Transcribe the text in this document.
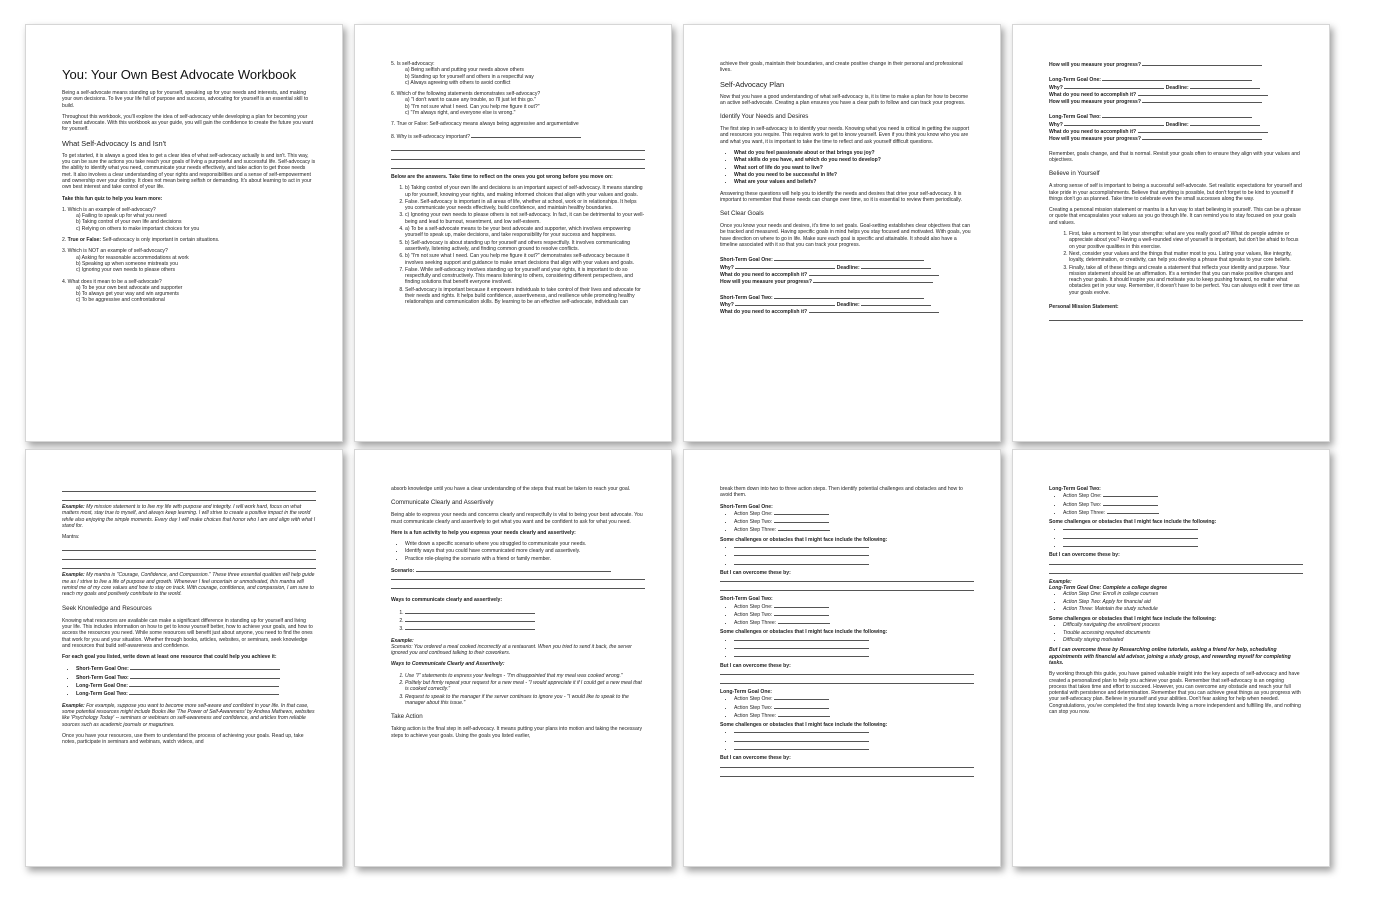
You: Your Own Best Advocate Workbook

Being a self-advocate means standing up for yourself, speaking up for your needs and interests, and making your own decisions. To live your life full of purpose and success, advocating for yourself is an essential skill to build.

Throughout this workbook, you'll explore the idea of self-advocacy while developing a plan for becoming your own best advocate. With this workbook as your guide, you will gain the confidence to create the future you want for yourself.

What Self-Advocacy Is and Isn't

To get started, it is always a good idea to get a clear idea of what self-advocacy actually is and isn't. This way, you can be sure the actions you take reach your goals of living a purposeful and successful life. Self-advocacy is the ability to identify what you need, communicate your needs effectively, and take action to get those needs met. It also involves a clear understanding of your rights and responsibilities and a sense of self-empowerment and ownership over your destiny. It does not mean being selfish or demanding. It's about learning to act in your own best interest and take control of your life.

Take this fun quiz to help you learn more:

1. Which is an example of self-advocacy?
a) Failing to speak up for what you need
b) Taking control of your own life and decisions
c) Relying on others to make important choices for you
2. True or False: Self-advocacy is only important in certain situations.
3. Which is NOT an example of self-advocacy?
a) Asking for reasonable accommodations at work
b) Speaking up when someone mistreats you
c) Ignoring your own needs to please others
4. What does it mean to be a self-advocate?
a) To be your own best advocate and supporter
b) To always get your way and win arguments
c) To be aggressive and confrontational
5. Is self-advocacy:
a) Being selfish and putting your needs above others
b) Standing up for yourself and others in a respectful way
c) Always agreeing with others to avoid conflict
6. Which of the following statements demonstrates self-advocacy?
a) "I don't want to cause any trouble, so I'll just let this go."
b) "I'm not sure what I need. Can you help me figure it out?"
c) "I'm always right, and everyone else is wrong."
7. True or False: Self-advocacy means always being aggressive and argumentative
8. Why is self-advocacy important?

Below are the answers. Take time to reflect on the ones you got wrong before you move on:

1. b) Taking control of your own life and decisions is an important aspect of self-advocacy. It means standing up for yourself, knowing your rights, and making informed choices that align with your values and goals.
2. False. Self-advocacy is important in all areas of life, whether at school, work or in relationships. It helps you communicate your needs effectively, build confidence, and maintain healthy boundaries.
3. c) Ignoring your own needs to please others is not self-advocacy. In fact, it can be detrimental to your well-being and lead to burnout, resentment, and low self-esteem.
4. a) To be a self-advocate means to be your best advocate and supporter, which involves empowering yourself to speak up, make decisions, and take responsibility for your success and happiness.
5. b) Self-advocacy is about standing up for yourself and others respectfully. It involves communicating assertively, listening actively, and finding common ground to resolve conflicts.
6. b) "I'm not sure what I need. Can you help me figure it out?" demonstrates self-advocacy because it involves seeking support and guidance to make smart decisions that align with your values and goals.
7. False. While self-advocacy involves standing up for yourself and your rights, it is important to do so respectfully and constructively. This means listening to others, considering different perspectives, and finding solutions that benefit everyone involved.
8. Self-advocacy is important because it empowers individuals to take control of their lives and advocate for their needs and rights. It helps build confidence, assertiveness, and resilience while promoting healthy relationships and communication skills. By learning to be an effective self-advocate, individuals can

achieve their goals, maintain their boundaries, and create positive change in their personal and professional lives.

Self-Advocacy Plan

Now that you have a good understanding of what self-advocacy is, it is time to make a plan for how to become an active self-advocate. Creating a plan ensures you have a clear path to follow and can track your progress.

Identify Your Needs and Desires

The first step in self-advocacy is to identify your needs. Knowing what you need is critical in getting the support and resources you require. This requires work to get to know yourself. Even if you think you know who you are and what you want, it is important to take the time to reflect and ask yourself difficult questions.

• What do you feel passionate about or that brings you joy?
• What skills do you have, and which do you need to develop?
• What sort of life do you want to live?
• What do you need to be successful in life?
• What are your values and beliefs?

Answering these questions will help you to identify the needs and desires that drive your self-advocacy. It is important to remember that these needs can change over time, so it is essential to review them periodically.

Set Clear Goals

Once you know your needs and desires, it's time to set goals. Goal-setting establishes clear objectives that can be tracked and measured. Having specific goals in mind helps you stay focused and motivated. With goals, you have direction on where to go in life. Make sure each goal is specific and attainable. It should also have a timeline associated with it so that you can track your progress.

Short-Term Goal One:
Why?	Deadline:
What do you need to accomplish it?
How will you measure your progress?
Short-Term Goal Two:
Why?	Deadline:
What do you need to accomplish it?
How will you measure your progress?
Long-Term Goal One:
Why?	Deadline:
What do you need to accomplish it?
How will you measure your progress?
Long-Term Goal Two:
Why?	Deadline:
What do you need to accomplish it?
How will you measure your progress?

Remember, goals change, and that is normal. Revisit your goals often to ensure they align with your values and objectives.

Believe in Yourself

A strong sense of self is important to being a successful self-advocate. Set realistic expectations for yourself and take pride in your accomplishments. Believe that anything is possible, but don't forget to be kind to yourself if things don't go as planned. Take time to celebrate even the small successes along the way.

Creating a personal mission statement or mantra is a fun way to start believing in yourself. This can be a phrase or quote that encapsulates your values as you go through life. It can remind you to stay focused on your goals and values.

1. First, take a moment to list your strengths: what are you really good at? What do people admire or appreciate about you? Having a well-rounded view of yourself is important, but don't be afraid to focus on your positive qualities in this exercise.
2. Next, consider your values and the things that matter most to you. Listing your values, like integrity, loyalty, determination, or creativity, can help you develop a phrase that speaks to your core beliefs.
3. Finally, take all of these things and create a statement that reflects your identity and purpose. Your mission statement should be an affirmation. It's a reminder that you can make positive changes and reach your goals. It should inspire you and motivate you to keep pushing forward, no matter what obstacles get in your way. Remember, it doesn't have to be perfect. You can always edit it over time as your goals evolve.

Personal Mission Statement:

Example: My mission statement is to live my life with purpose and integrity. I will work hard, focus on what matters most, stay true to myself, and always keep learning. I will strive to create a positive impact in the world while also enjoying the simple moments. Every day I will make choices that honor who I am and align with what I stand for.

Mantra:

Example: My mantra is "Courage, Confidence, and Compassion." These three essential qualities will help guide me as I strive to live a life of purpose and growth. Whenever I feel uncertain or unmotivated, this mantra will remind me of my core values and how to stay on track. With courage, confidence, and compassion, I am sure to reach my goals and positively contribute to the world.

Seek Knowledge and Resources

Knowing what resources are available can make a significant difference in standing up for yourself and living your life. This includes information on how to get to know yourself better, how to achieve your goals, and how to access the resources you need. While some resources will benefit just about anyone, you need to find the ones that work for you and your situation. Whether through books, articles, websites, or seminars, seek knowledge and resources that build self-awareness and confidence.

For each goal you listed, write down at least one resource that could help you achieve it:

• Short-Term Goal One:
• Short-Term Goal Two:
• Long-Term Goal One:
• Long-Term Goal Two:

Example: For example, suppose you want to become more self-aware and confident in your life. In that case, some potential resources might include Books like 'The Power of Self-Awareness' by Andrea Mathews, websites like 'Psychology Today' -- seminars or webinars on self-awareness and confidence, and articles from reliable sources such as academic journals or magazines.

Once you have your resources, use them to understand the process of achieving your goals. Read up, take notes, participate in seminars and webinars, watch videos, and

absorb knowledge until you have a clear understanding of the steps that must be taken to reach your goal.

Communicate Clearly and Assertively

Being able to express your needs and concerns clearly and respectfully is vital to being your best advocate. You must communicate clearly and assertively to get what you want and be confident to ask for what you need.

Here is a fun activity to help you express your needs clearly and assertively:

• Write down a specific scenario where you struggled to communicate your needs.
• Identify ways that you could have communicated more clearly and assertively.
• Practice role-playing the scenario with a friend or family member.
Scenario:

Ways to communicate clearly and assertively:

1.
2.
3.
Example:

Scenario: You ordered a meal cooked incorrectly at a restaurant. When you tried to send it back, the server ignored you and continued talking to their coworkers.

Ways to Communicate Clearly and Assertively:

1. Use "I" statements to express your feelings - "I'm disappointed that my meal was cooked wrong."
2. Politely but firmly repeat your request for a new meal - "I would appreciate it if I could get a new meal that is cooked correctly."
3. Request to speak to the manager if the server continues to ignore you - "I would like to speak to the manager about this issue."
Take Action

Taking action is the final step in self-advocacy. It means putting your plans into motion and taking the necessary steps to achieve your goals. Using the goals you listed earlier,

break them down into two to three action steps. Then identify potential challenges and obstacles and how to avoid them.

Short-Term Goal One:
• Action Step One:
• Action Step Two:
• Action Step Three:
Some challenges or obstacles that I might face include the following:
•
•
•
But I can overcome these by:
Short-Term Goal Two:
• Action Step One:
• Action Step Two:
• Action Step Three:
Some challenges or obstacles that I might face include the following:
•
•
•
But I can overcome these by:
Long-Term Goal One:
• Action Step One:
• Action Step Two:
• Action Step Three:
Some challenges or obstacles that I might face include the following:
•
•
•
But I can overcome these by:
Long-Term Goal Two:
• Action Step One:
• Action Step Two:
• Action Step Three:
Some challenges or obstacles that I might face include the following:
•
•
•
But I can overcome these by:
Example:
Long-Term Goal One: Complete a college degree
• Action Step One: Enroll in college courses
• Action Step Two: Apply for financial aid
• Action Three: Maintain the study schedule
Some challenges or obstacles that I might face include the following:
• Difficulty navigating the enrollment process
• Trouble accessing required documents
• Difficulty staying motivated

But I can overcome these by Researching online tutorials, asking a friend for help, scheduling appointments with financial aid advisor, joining a study group, and rewarding myself for completing tasks.

By working through this guide, you have gained valuable insight into the key aspects of self-advocacy and have created a personalized plan to help you achieve your goals. Remember that self-advocacy is an ongoing process that takes time and effort to succeed. However, you can overcome any obstacle and reach your full potential with persistence and determination. Remember that you can achieve great things as you progress with your self-advocacy plan. Believe in yourself and your abilities. Don't fear asking for help when needed. Congratulations, you've completed the first step towards living a more independent and fulfilling life, and nothing can stop you now.
